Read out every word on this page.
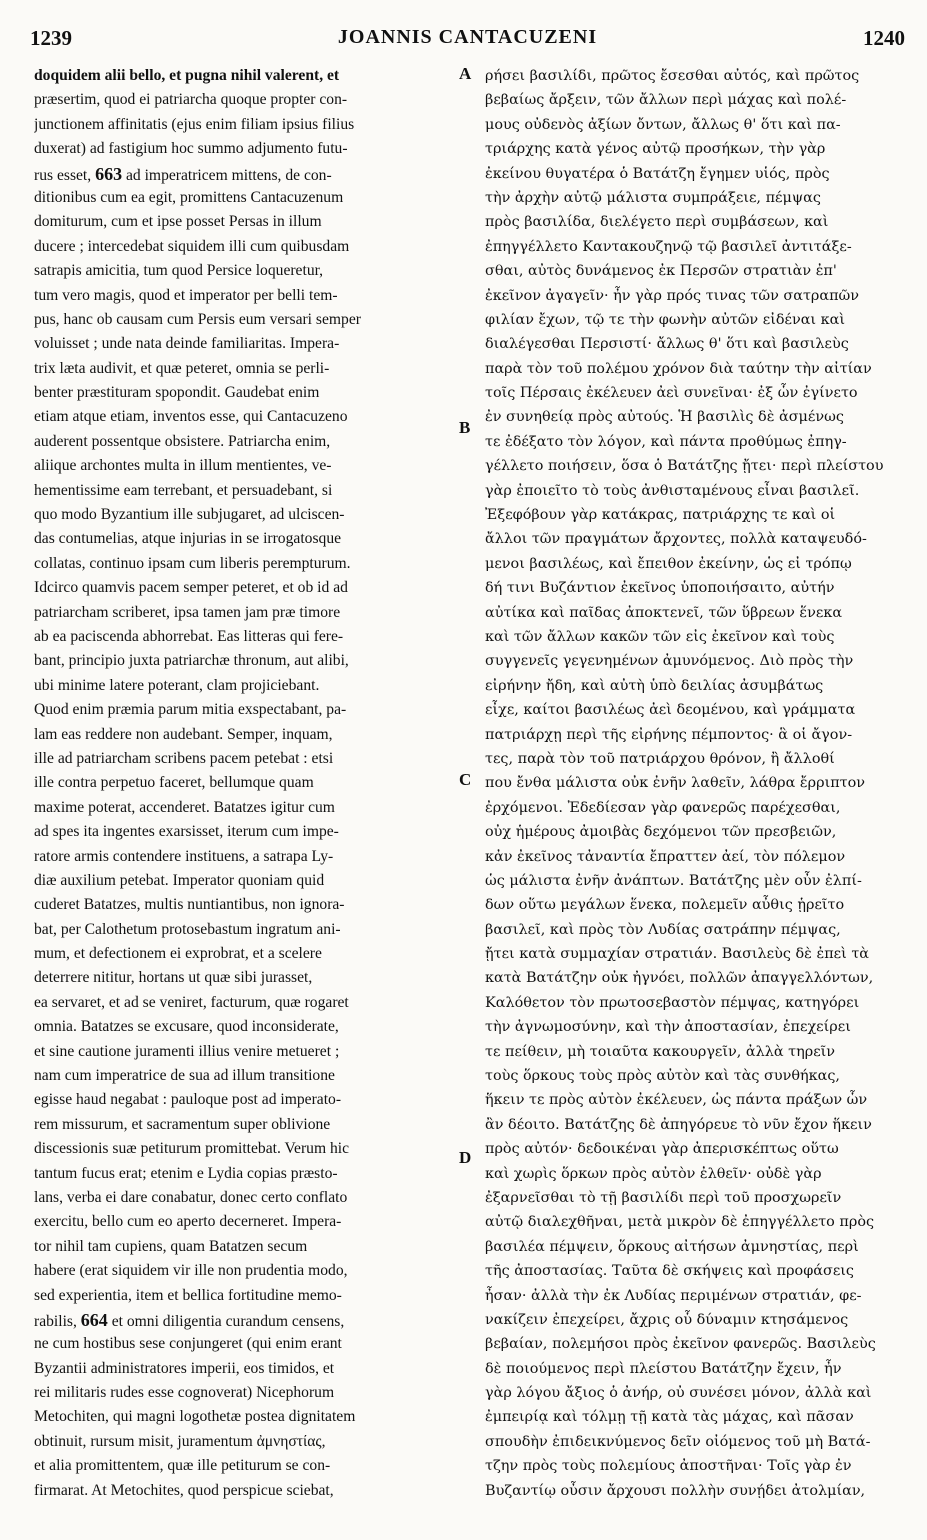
1239	JOANNIS CANTACUZENI	1240
doquidem alii bello, et pugna nihil valerent, et
præsertim, quod ei patriarcha quoque propter con-
junctionem affinitatis (ejus enim filiam ipsius filius
duxerat) ad fastigium hoc summo adjumento futu-
rus esset, 663 ad imperatricem mittens, de con-
ditionibus cum ea egit, promittens Cantacuzenum
domiturum, cum et ipse posset Persas in illum
ducere ; intercedebat siquidem illi cum quibusdam
satrapis amicitia, tum quod Persice loqueretur,
tum vero magis, quod et imperator per belli tem-
pus, hanc ob causam cum Persis eum versari semper
voluisset ; unde nata deinde familiaritas. Impera-
trix læta audivit, et quæ peteret, omnia se perli-
benter præstituram spopondit. Gaudebat enim
etiam atque etiam, inventos esse, qui Cantacuzeno
auderent possentque obsistere. Patriarcha enim,
aliique archontes multa in illum mentientes, ve-
hementissime eam terrebant, et persuadebant, si
quo modo Byzantium ille subjugaret, ad ulciscen-
das contumelias, atque injurias in se irrogatosque
collatas, continuo ipsam cum liberis perempturum.
Idcirco quamvis pacem semper peteret, et ob id ad
patriarcham scriberet, ipsa tamen jam præ timore
ab ea paciscenda abhorrebat. Eas litteras qui fere-
bant, principio juxta patriarchæ thronum, aut alibi,
ubi minime latere poterant, clam projiciebant.
Quod enim præmia parum mitia exspectabant, pa-
lam eas reddere non audebant. Semper, inquam,
ille ad patriarcham scribens pacem petebat : etsi
ille contra perpetuo faceret, bellumque quam
maxime poterat, accenderet. Batatzes igitur cum
ad spes ita ingentes exarsisset, iterum cum impe-
ratore armis contendere instituens, a satrapa Ly-
diæ auxilium petebat. Imperator quoniam quid
cuderet Batatzes, multis nuntiantibus, non ignora-
bat, per Calothetum protosebastum ingratum ani-
mum, et defectionem ei exprobrat, et a scelere
deterrere nititur, hortans ut quæ sibi jurasset,
ea servaret, et ad se veniret, facturum, quæ rogaret
omnia. Batatzes se excusare, quod inconsiderate,
et sine cautione juramenti illius venire metueret ;
nam cum imperatrice de sua ad illum transitione
egisse haud negabat : pauloque post ad imperato-
rem missurum, et sacramentum super oblivione
discessionis suæ petiturum promittebat. Verum hic
tantum fucus erat; etenim e Lydia copias præsto-
lans, verba ei dare conabatur, donec certo conflato
exercitu, bello cum eo aperto decerneret. Impera-
tor nihil tam cupiens, quam Batatzen secum
habere (erat siquidem vir ille non prudentia modo,
sed experientia, item et bellica fortitudine memo-
rabilis, 664 et omni diligentia curandum censens,
ne cum hostibus sese conjungeret (qui enim erant
Byzantii administratores imperii, eos timidos, et
rei militaris rudes esse cognoverat) Nicephorum
Metochiten, qui magni logothetæ postea dignitatem
obtinuit, rursum misit, juramentum ἀμνηστίας,
et alia promittentem, quæ ille petiturum se con-
firmarat. At Metochites, quod perspicue sciebat,
ρήσει βασιλίδι, πρῶτος ἔσεσθαι αὐτός, καὶ πρῶτος
βεβαίως ἄρξειν, τῶν ἄλλων περὶ μάχας καὶ πολέ-
μους οὐδενὸς ἀξίων ὄντων, ἄλλως θ' ὅτι καὶ πα-
τριάρχης κατὰ γένος αὐτῷ προσήκων, τὴν γὰρ
ἐκείνου θυγατέρα ὁ Βατάτζη ἔγημεν υἱός, πρὸς
τὴν ἀρχὴν αὐτῷ μάλιστα συμπράξειε, πέμψας
πρὸς βασιλίδα, διελέγετο περὶ συμβάσεων, καὶ
ἐπηγγέλλετο Καντακουζηνῷ τῷ βασιλεῖ ἀντιτάξε-
σθαι, αὐτὸς δυνάμενος ἐκ Περσῶν στρατιὰν ἐπ'
ἐκεῖνον ἀγαγεῖν· ἦν γὰρ πρός τινας τῶν σατραπῶν
φιλίαν ἔχων, τῷ τε τὴν φωνὴν αὐτῶν εἰδέναι καὶ
διαλέγεσθαι Περσιστί· ἄλλως θ' ὅτι καὶ βασιλεὺς
παρὰ τὸν τοῦ πολέμου χρόνον διὰ ταύτην τὴν αἰτίαν
τοῖς Πέρσαις ἐκέλευεν ἀεὶ συνεῖναι· ἐξ ὧν ἐγίνετο
ἐν συνηθείᾳ πρὸς αὐτούς. Ἡ βασιλὶς δὲ ἀσμένως
τε ἐδέξατο τὸν λόγον, καὶ πάντα προθύμως ἐπηγ-
γέλλετο ποιήσειν, ὅσα ὁ Βατάτζης ᾔτει· περὶ πλείστου
γὰρ ἐποιεῖτο τὸ τοὺς ἀνθισταμένους εἶναι βασιλεῖ.
Ἐξεφόβουν γὰρ κατάκρας, πατριάρχης τε καὶ οἱ
ἄλλοι τῶν πραγμάτων ἄρχοντες, πολλὰ καταψευδό-
μενοι βασιλέως, καὶ ἔπειθον ἐκείνην, ὡς εἰ τρόπῳ
δή τινι Βυζάντιον ἐκεῖνος ὑποποιήσαιτο, αὐτήν
αὐτίκα καὶ παῖδας ἀποκτενεῖ, τῶν ὕβρεων ἕνεκα
καὶ τῶν ἄλλων κακῶν τῶν εἰς ἐκεῖνον καὶ τοὺς
συγγενεῖς γεγενημένων ἀμυνόμενος. Διὸ πρὸς τὴν
εἰρήνην ἤδη, καὶ αὐτὴ ὑπὸ δειλίας ἀσυμβάτως
εἶχε, καίτοι βασιλέως ἀεὶ δεομένου, καὶ γράμματα
πατριάρχῃ περὶ τῆς εἰρήνης πέμποντος· ἃ οἱ ἄγον-
τες, παρὰ τὸν τοῦ πατριάρχου θρόνον, ἢ ἄλλοθί
που ἔνθα μάλιστα οὐκ ἐνῆν λαθεῖν, λάθρα ἔρριπτον
ἐρχόμενοι. Ἐδεδίεσαν γὰρ φανερῶς παρέχεσθαι,
οὐχ ἡμέρους ἀμοιβὰς δεχόμενοι τῶν πρεσβειῶν,
κἀν ἐκεῖνος τἀναντία ἔπραττεν ἀεί, τὸν πόλεμον
ὡς μάλιστα ἐνῆν ἀνάπτων. Βατάτζης μὲν οὖν ἐλπί-
δων οὕτω μεγάλων ἕνεκα, πολεμεῖν αὖθις ᾑρεῖτο
βασιλεῖ, καὶ πρὸς τὸν Λυδίας σατράπην πέμψας,
ᾔτει κατὰ συμμαχίαν στρατιάν. Βασιλεὺς δὲ ἐπεὶ τὰ
κατὰ Βατάτζην οὐκ ἠγνόει, πολλῶν ἀπαγγελλόντων,
Καλόθετον τὸν πρωτοσεβαστὸν πέμψας, κατηγόρει
τὴν ἀγνωμοσύνην, καὶ τὴν ἀποστασίαν, ἐπεχείρει
τε πείθειν, μὴ τοιαῦτα κακουργεῖν, ἀλλὰ τηρεῖν
τοὺς ὅρκους τοὺς πρὸς αὐτὸν καὶ τὰς συνθήκας,
ἥκειν τε πρὸς αὐτὸν ἐκέλευεν, ὡς πάντα πράξων ὧν
ἂν δέοιτο. Βατάτζης δὲ ἀπηγόρευε τὸ νῦν ἔχον ἥκειν
πρὸς αὐτόν· δεδοικέναι γὰρ ἀπερισκέπτως οὕτω
καὶ χωρὶς ὅρκων πρὸς αὐτὸν ἐλθεῖν· οὐδὲ γὰρ
ἐξαρνεῖσθαι τὸ τῇ βασιλίδι περὶ τοῦ προσχωρεῖν
αὐτῷ διαλεχθῆναι, μετὰ μικρὸν δὲ ἐπηγγέλλετο πρὸς
βασιλέα πέμψειν, ὅρκους αἰτήσων ἀμνηστίας, περὶ
τῆς ἀποστασίας. Ταῦτα δὲ σκήψεις καὶ προφάσεις
ἦσαν· ἀλλὰ τὴν ἐκ Λυδίας περιμένων στρατιάν, φε-
νακίζειν ἐπεχείρει, ἄχρις οὗ δύναμιν κτησάμενος
βεβαίαν, πολεμήσοι πρὸς ἐκεῖνον φανερῶς. Βασιλεὺς
δὲ ποιούμενος περὶ πλείστου Βατάτζην ἔχειν, ἦν
γὰρ λόγου ἄξιος ὁ ἀνήρ, οὐ συνέσει μόνον, ἀλλὰ καὶ
ἐμπειρίᾳ καὶ τόλμῃ τῇ κατὰ τὰς μάχας, καὶ πᾶσαν
σπουδὴν ἐπιδεικνύμενος δεῖν οἰόμενος τοῦ μὴ Βατά-
τζην πρὸς τοὺς πολεμίους ἀποστῆναι· Τοῖς γὰρ ἐν
Βυζαντίῳ οὖσιν ἄρχουσι πολλὴν συνῄδει ἀτολμίαν,
A
B
C
D
